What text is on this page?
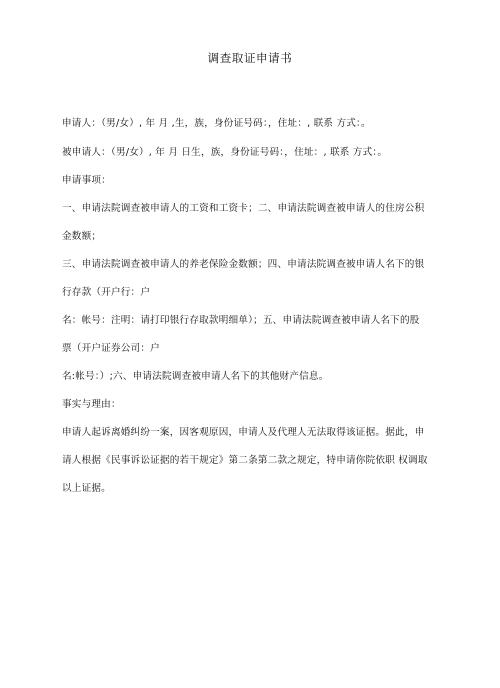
调查取证申请书
申请人：（男/女）, 年 月 ,生，族，身份证号码：，住址：, 联系 方式：。
被申请人：（男/女）, 年 月 日生，族，身份证号码：，住址：, 联系 方式：。
申请事项：
一、申请法院调查被申请人的工资和工资卡；二、申请法院调查被申请人的住房公积
金数额；
三、申请法院调查被申请人的养老保险金数额；四、申请法院调查被申请人名下的银
行存款（开户行：户
名：帐号：注明：请打印银行存取款明细单）；五、申请法院调查被申请人名下的股
票（开户证券公司：户
名:帐号：）;六、申请法院调查被申请人名下的其他财产信息。
事实与理由：
申请人起诉离婚纠纷一案，因客观原因，申请人及代理人无法取得该证据。据此，申
请人根据《民事诉讼证据的若干规定》第二条第二款之规定，特申请你院依职 权调取
以上证据。
